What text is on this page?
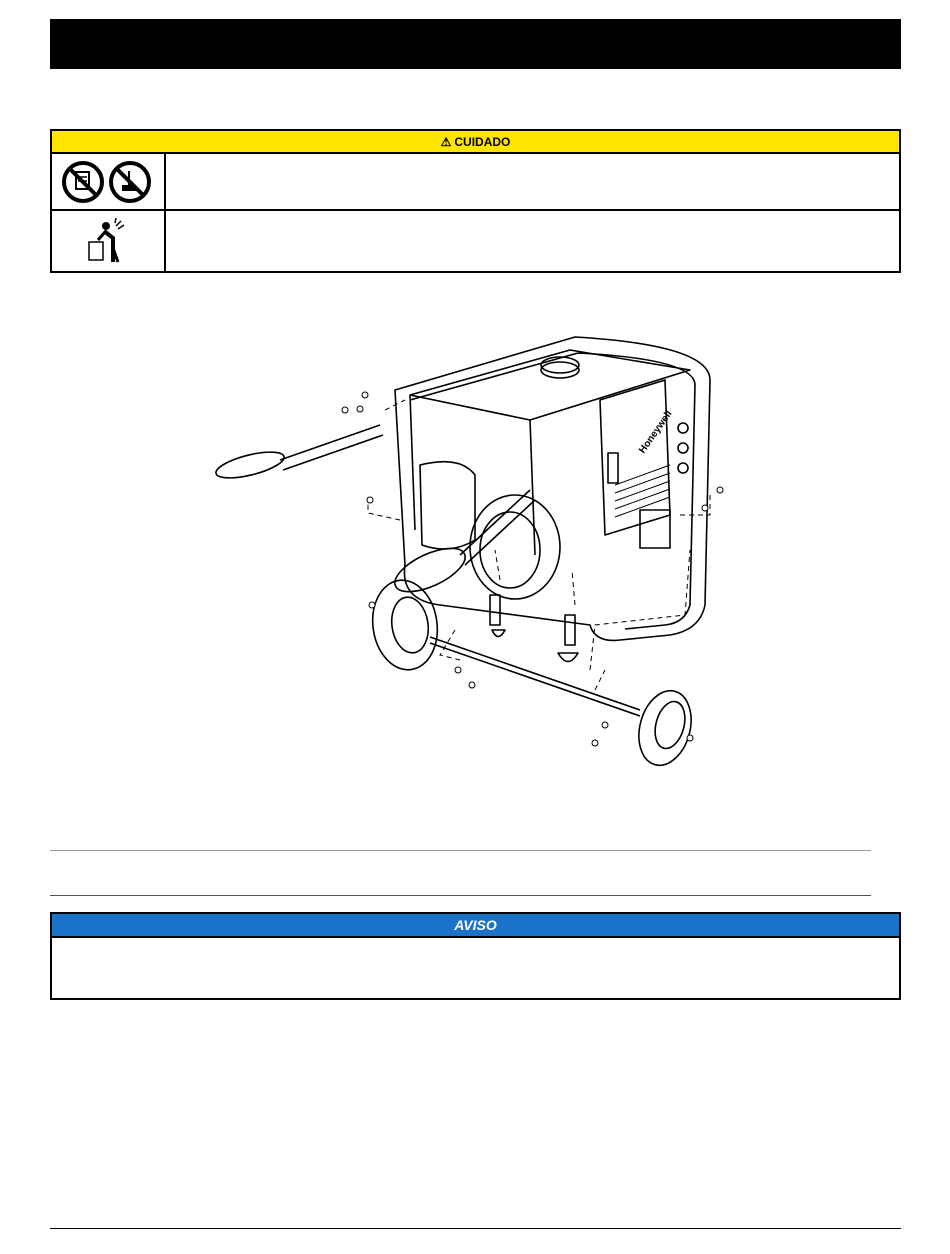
⚠ CUIDADO
Honeywell
AVISO
